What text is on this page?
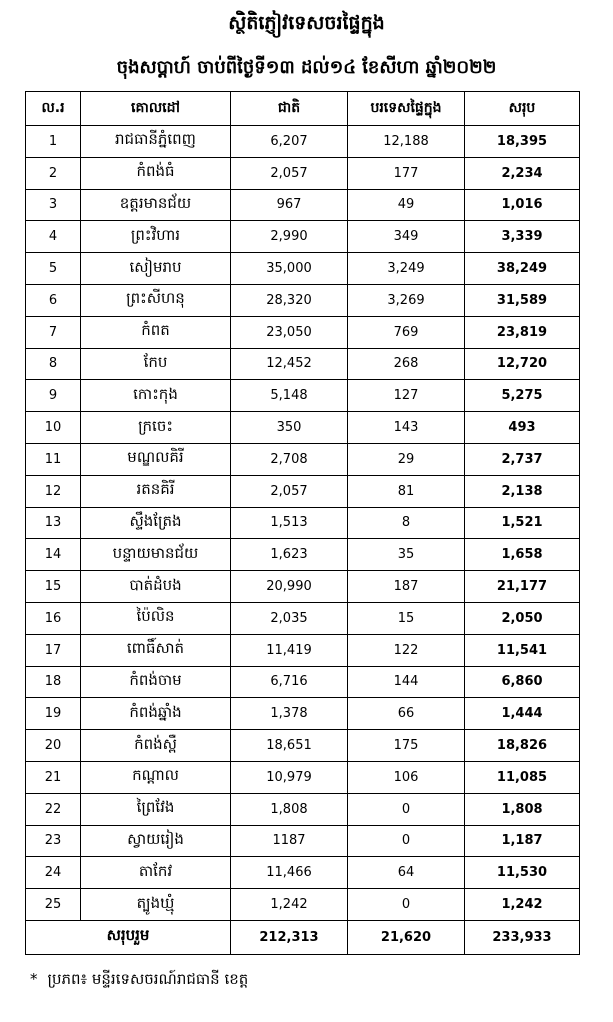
ស្ថិតិភ្ញៀវទេសចរផ្ទៃក្នុង
ចុងសប្តាហ៍ ចាប់ពីថ្ងៃទី១៣ ដល់១៤ ខែសីហា ឆ្នាំ២០២២
ល.រ	គោលដៅ	ជាតិ	បរទេសផ្ទៃក្នុង	សរុប
1	រាជធានីភ្នំពេញ	6,207	12,188	18,395
2	កំពង់ធំ	2,057	177	2,234
3	ឧត្តរមានជ័យ	967	49	1,016
4	ព្រះវិហារ	2,990	349	3,339
5	សៀមរាប	35,000	3,249	38,249
6	ព្រះសីហនុ	28,320	3,269	31,589
7	កំពត	23,050	769	23,819
8	កែប	12,452	268	12,720
9	កោះកុង	5,148	127	5,275
10	ក្រចេះ	350	143	493
11	មណ្ឌលគិរី	2,708	29	2,737
12	រតនគិរី	2,057	81	2,138
13	ស្ទឹងត្រែង	1,513	8	1,521
14	បន្ទាយមានជ័យ	1,623	35	1,658
15	បាត់ដំបង	20,990	187	21,177
16	ប៉ៃលិន	2,035	15	2,050
17	ពោធិ៍សាត់	11,419	122	11,541
18	កំពង់ចាម	6,716	144	6,860
19	កំពង់ឆ្នាំង	1,378	66	1,444
20	កំពង់ស្ពឺ	18,651	175	18,826
21	កណ្តាល	10,979	106	11,085
22	ព្រៃវែង	1,808	0	1,808
23	ស្វាយរៀង	1187	0	1,187
24	តាកែវ	11,466	64	11,530
25	ត្បូងឃ្មុំ	1,242	0	1,242
សរុបរួម		212,313	21,620	233,933
* ប្រភព៖ មន្ទីរទេសចរណ៍រាជធានី ខេត្ត
